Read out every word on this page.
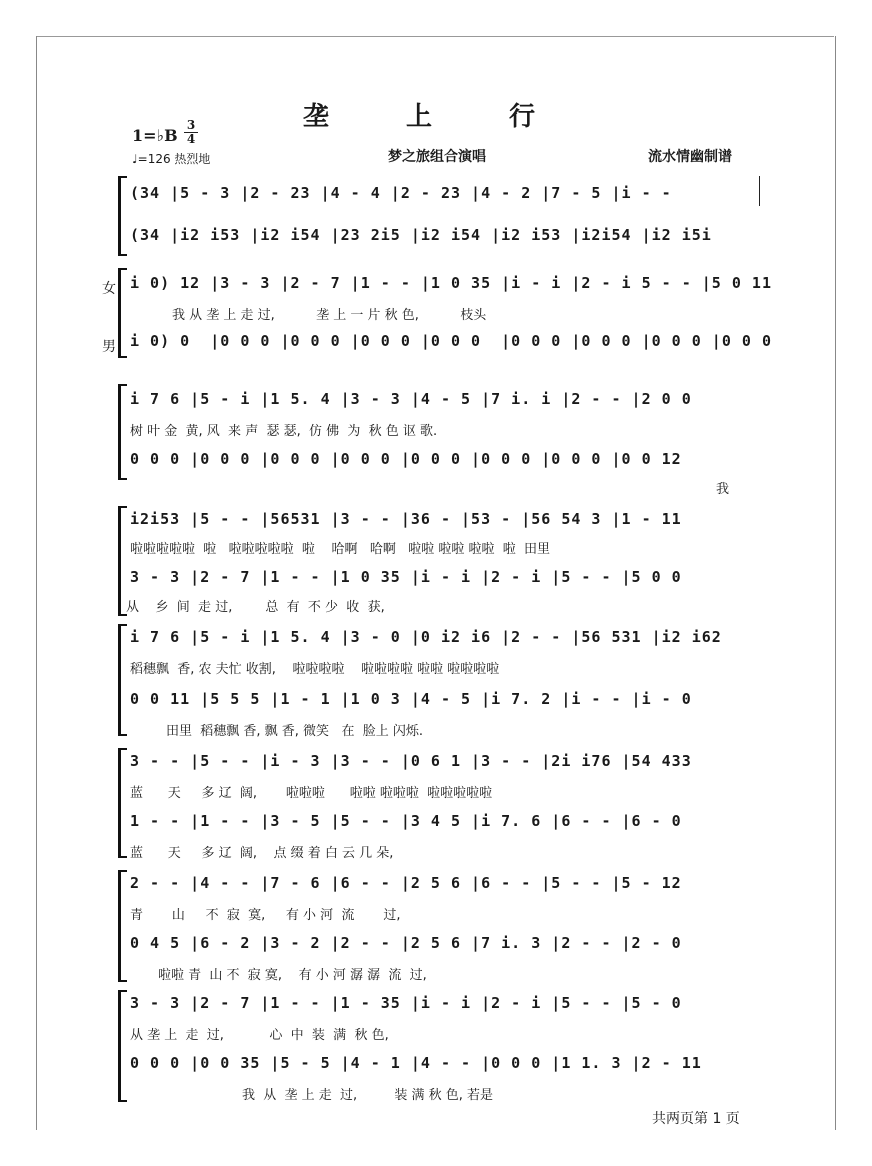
垄 上 行
1=♭B
3
4
♩=126 热烈地	梦之旅组合演唱	流水情幽制谱
(34 |5 - 3 |2 - 23 |4 - 4 |2 - 23 |4 - 2 |7 - 5 |i - -
(34 |i2 i53 |i2 i54 |23 2i5 |i2 i54 |i2 i53 |i2i54 |i2 i5i
女
男
i 0) 12 |3 - 3 |2 - 7 |1 - - |1 0 35 |i - i |2 - i 5 - - |5 0 11
我 从 垄 上 走 过,          垄 上 一 片 秋 色,          枝头
i 0) 0  |0 0 0 |0 0 0 |0 0 0 |0 0 0  |0 0 0 |0 0 0 |0 0 0 |0 0 0
i 7 6 |5 - i |1 5. 4 |3 - 3 |4 - 5 |7 i. i |2 - - |2 0 0
树 叶 金  黄, 风  来 声  瑟 瑟,  仿 佛  为  秋 色 讴 歌.
0 0 0 |0 0 0 |0 0 0 |0 0 0 |0 0 0 |0 0 0 |0 0 0 |0 0 12
我
i2i53 |5 - - |56531 |3 - - |36 - |53 - |56 54 3 |1 - 11
啦啦啦啦啦  啦   啦啦啦啦啦  啦    哈啊   哈啊   啦啦 啦啦 啦啦  啦  田里
3 - 3 |2 - 7 |1 - - |1 0 35 |i - i |2 - i |5 - - |5 0 0
从    乡  间  走 过,        总  有  不 少  收  获,
i 7 6 |5 - i |1 5. 4 |3 - 0 |0 i2 i6 |2 - - |56 531 |i2 i62
稻穗飘  香, 农 夫忙 收割,    啦啦啦啦    啦啦啦啦 啦啦 啦啦啦啦
0 0 11 |5 5 5 |1 - 1 |1 0 3 |4 - 5 |i 7. 2 |i - - |i - 0
田里  稻穗飘 香, 飘 香, 微笑   在  脸上 闪烁.
3 - - |5 - - |i - 3 |3 - - |0 6 1 |3 - - |2i i76 |54 433
蓝      天     多 辽  阔,       啦啦啦      啦啦 啦啦啦  啦啦啦啦啦
1 - - |1 - - |3 - 5 |5 - - |3 4 5 |i 7. 6 |6 - - |6 - 0
蓝      天     多 辽  阔,    点 缀 着 白 云 几 朵,
2 - - |4 - - |7 - 6 |6 - - |2 5 6 |6 - - |5 - - |5 - 12
青       山     不  寂  寞,     有 小 河  流       过,
0 4 5 |6 - 2 |3 - 2 |2 - - |2 5 6 |7 i. 3 |2 - - |2 - 0
啦啦 青  山 不  寂 寞,    有 小 河 潺 潺  流  过,
3 - 3 |2 - 7 |1 - - |1 - 35 |i - i |2 - i |5 - - |5 - 0
从 垄 上  走  过,           心  中  装  满  秋 色,
0 0 0 |0 0 35 |5 - 5 |4 - 1 |4 - - |0 0 0 |1 1. 3 |2 - 11
我  从  垄 上 走  过,         装 满 秋 色, 若是
共两页第 1 页
